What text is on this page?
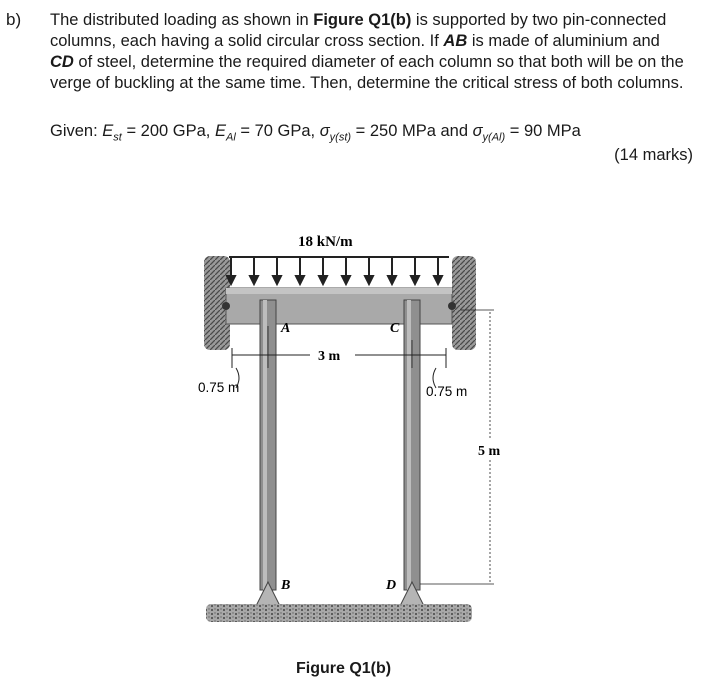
b) The distributed loading as shown in Figure Q1(b) is supported by two pin-connected
columns, each having a solid circular cross section. If AB is made of aluminium and
CD of steel, determine the required diameter of each column so that both will be on the
verge of buckling at the same time. Then, determine the critical stress of both columns.
Given: $E_{st} = 200$ GPa, $E_{Al} = 70$ GPa, $\sigma_{y(st)} = 250$ MPa and $\sigma_{y(Al)} = 90$ MPa
(14 marks)
18 kN/m
A	C
B	D
3 m
0.75 m	0.75 m
5 m
Figure Q1(b)
